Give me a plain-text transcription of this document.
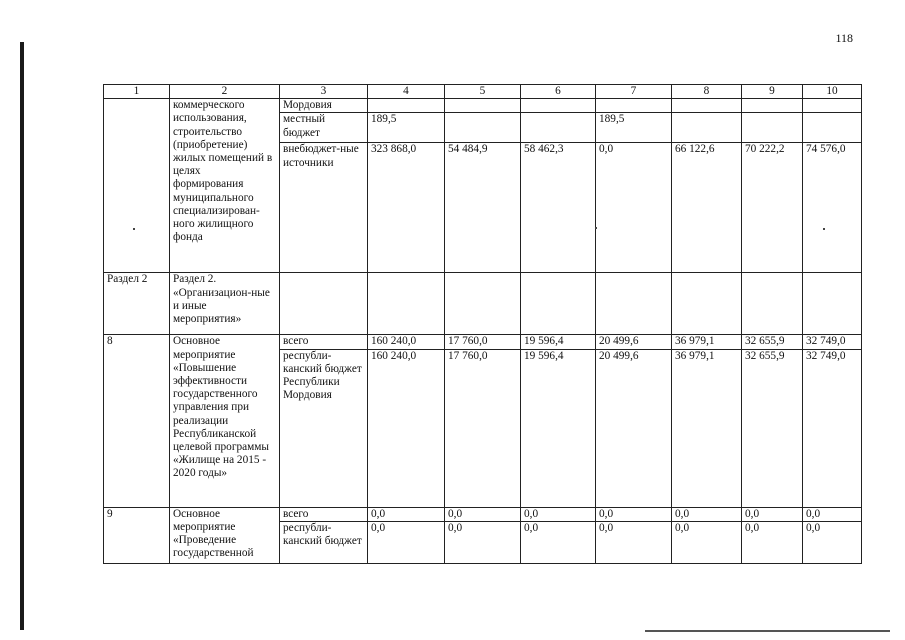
118
1	2	3	4	5	6	7	8	9	10

	коммерческого использования, строительство (приобретение) жилых помещений в целях формирования муниципального специализирован-ного жилищного фонда	Мордовия							
		местный бюджет	189,5			189,5			
		внебюджет-ные источники	323 868,0	54 484,9	58 462,3	0,0	66 122,6	70 222,2	74 576,0
Раздел 2	Раздел 2. «Организацион-ные и иные мероприятия»								

8	Основное мероприятие «Повышение эффективности государственного управления при реализации Республиканской целевой программы «Жилище на 2015 - 2020 годы»	всего	160 240,0	17 760,0	19 596,4	20 499,6	36 979,1	32 655,9	32 749,0

		республи-канский бюджет Республики Мордовия	160 240,0	17 760,0	19 596,4	20 499,6	36 979,1	32 655,9	32 749,0
9	Основное мероприятие «Проведение государственной	всего	0,0	0,0	0,0	0,0	0,0	0,0	0,0

		республи-канский бюджет	0,0	0,0	0,0	0,0	0,0	0,0	0,0
